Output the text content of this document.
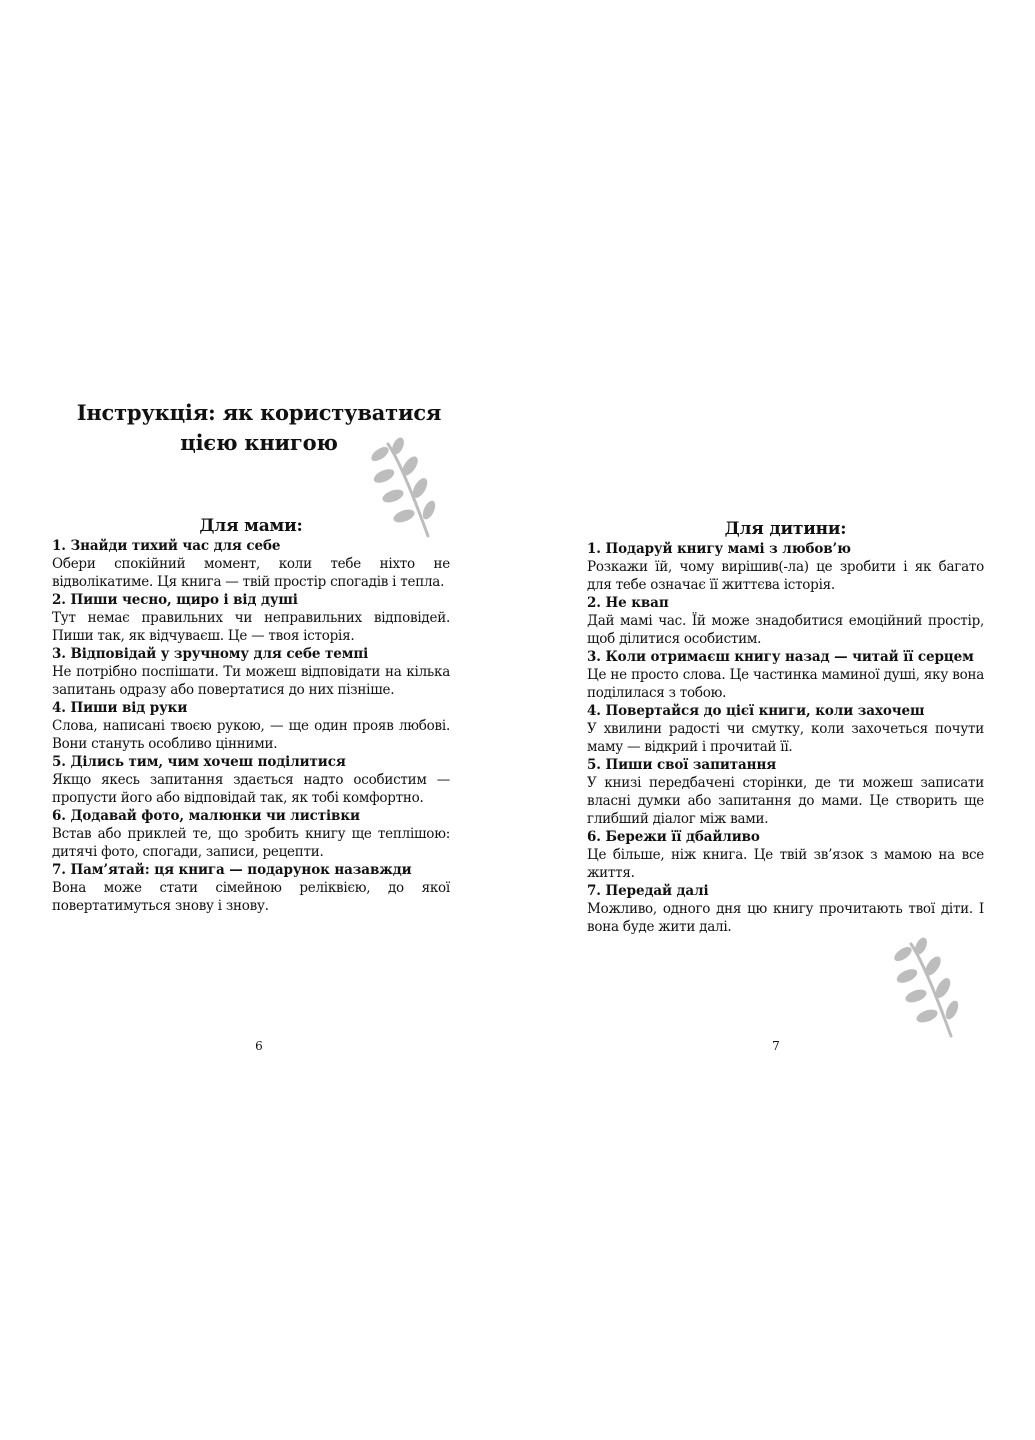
Інструкція: як користуватися цією книгою
Для мами:

1. Знайди тихий час для себе

Обери спокійний момент, коли тебе ніхто не відволікатиме. Ця книга — твій простір спогадів і тепла.

2. Пиши чесно, щиро і від душі

Тут немає правильних чи неправильних відповідей. Пиши так, як відчуваєш. Це — твоя історія.

3. Відповідай у зручному для себе темпі

Не потрібно поспішати. Ти можеш відповідати на кілька запитань одразу або повертатися до них пізніше.

4. Пиши від руки

Слова, написані твоєю рукою, — ще один прояв любові. Вони стануть особливо цінними.

5. Ділись тим, чим хочеш поділитися

Якщо якесь запитання здається надто особистим — пропусти його або відповідай так, як тобі комфортно.

6. Додавай фото, малюнки чи листівки

Встав або приклей те, що зробить книгу ще теплішою: дитячі фото, спогади, записи, рецепти.

7. Пам’ятай: ця книга — подарунок назавжди

Вона може стати сімейною реліквією, до якої повертатимуться знову і знову.

6
Для дитини:

1. Подаруй книгу мамі з любов’ю

Розкажи їй, чому вирішив(-ла) це зробити і як багато для тебе означає її життєва історія.

2. Не квап

Дай мамі час. Їй може знадобитися емоційний простір, щоб ділитися особистим.

3. Коли отримаєш книгу назад — читай її серцем

Це не просто слова. Це частинка маминої душі, яку вона поділилася з тобою.

4. Повертайся до цієї книги, коли захочеш

У хвилини радості чи смутку, коли захочеться почути маму — відкрий і прочитай її.

5. Пиши свої запитання

У книзі передбачені сторінки, де ти можеш записати власні думки або запитання до мами. Це створить ще глибший діалог між вами.

6. Бережи її дбайливо

Це більше, ніж книга. Це твій зв’язок з мамою на все життя.

7. Передай далі

Можливо, одного дня цю книгу прочитають твої діти. І вона буде жити далі.

7
